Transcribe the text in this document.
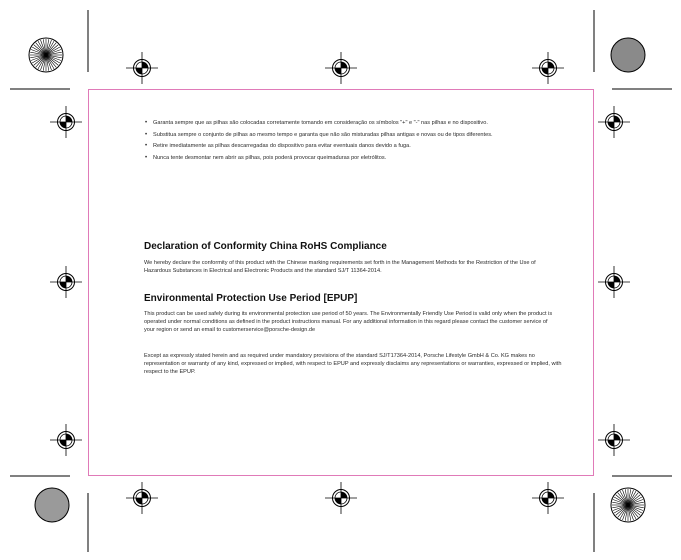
• Garanta sempre que as pilhas são colocadas corretamente tomando em consideração os símbolos "+" e "-" nas pilhas e no dispositivo.
• Substitua sempre o conjunto de pilhas ao mesmo tempo e garanta que não são misturadas pilhas antigas e novas ou de tipos diferentes.
• Retire imediatamente as pilhas descarregadas do dispositivo para evitar eventuais danos devido a fuga.
• Nunca tente desmontar nem abrir as pilhas, pois poderá provocar queimaduras por eletrólitos.
Declaration of Conformity China RoHS Compliance

We hereby declare the conformity of this product with the Chinese marking requirements set forth in the Management Methods for the Restriction of the Use of Hazardous Substances in Electrical and Electronic Products and the standard SJ/T 11364-2014.

Environmental Protection Use Period [EPUP]

This product can be used safely during its environmental protection use period of 50 years. The Environmentally Friendly Use Period is valid only when the product is operated under normal conditions as defined in the product instructions manual. For any additional information in this regard please contact the customer service of your region or send an email to customerservice@porsche-design.de

Except as expressly stated herein and as required under mandatory provisions of the standard SJ/T17364-2014, Porsche Lifestyle GmbH & Co. KG makes no representation or warranty of any kind, expressed or implied, with respect to EPUP and expressly disclaims any representations or warranties, expressed or implied, with respect to the EPUP.
